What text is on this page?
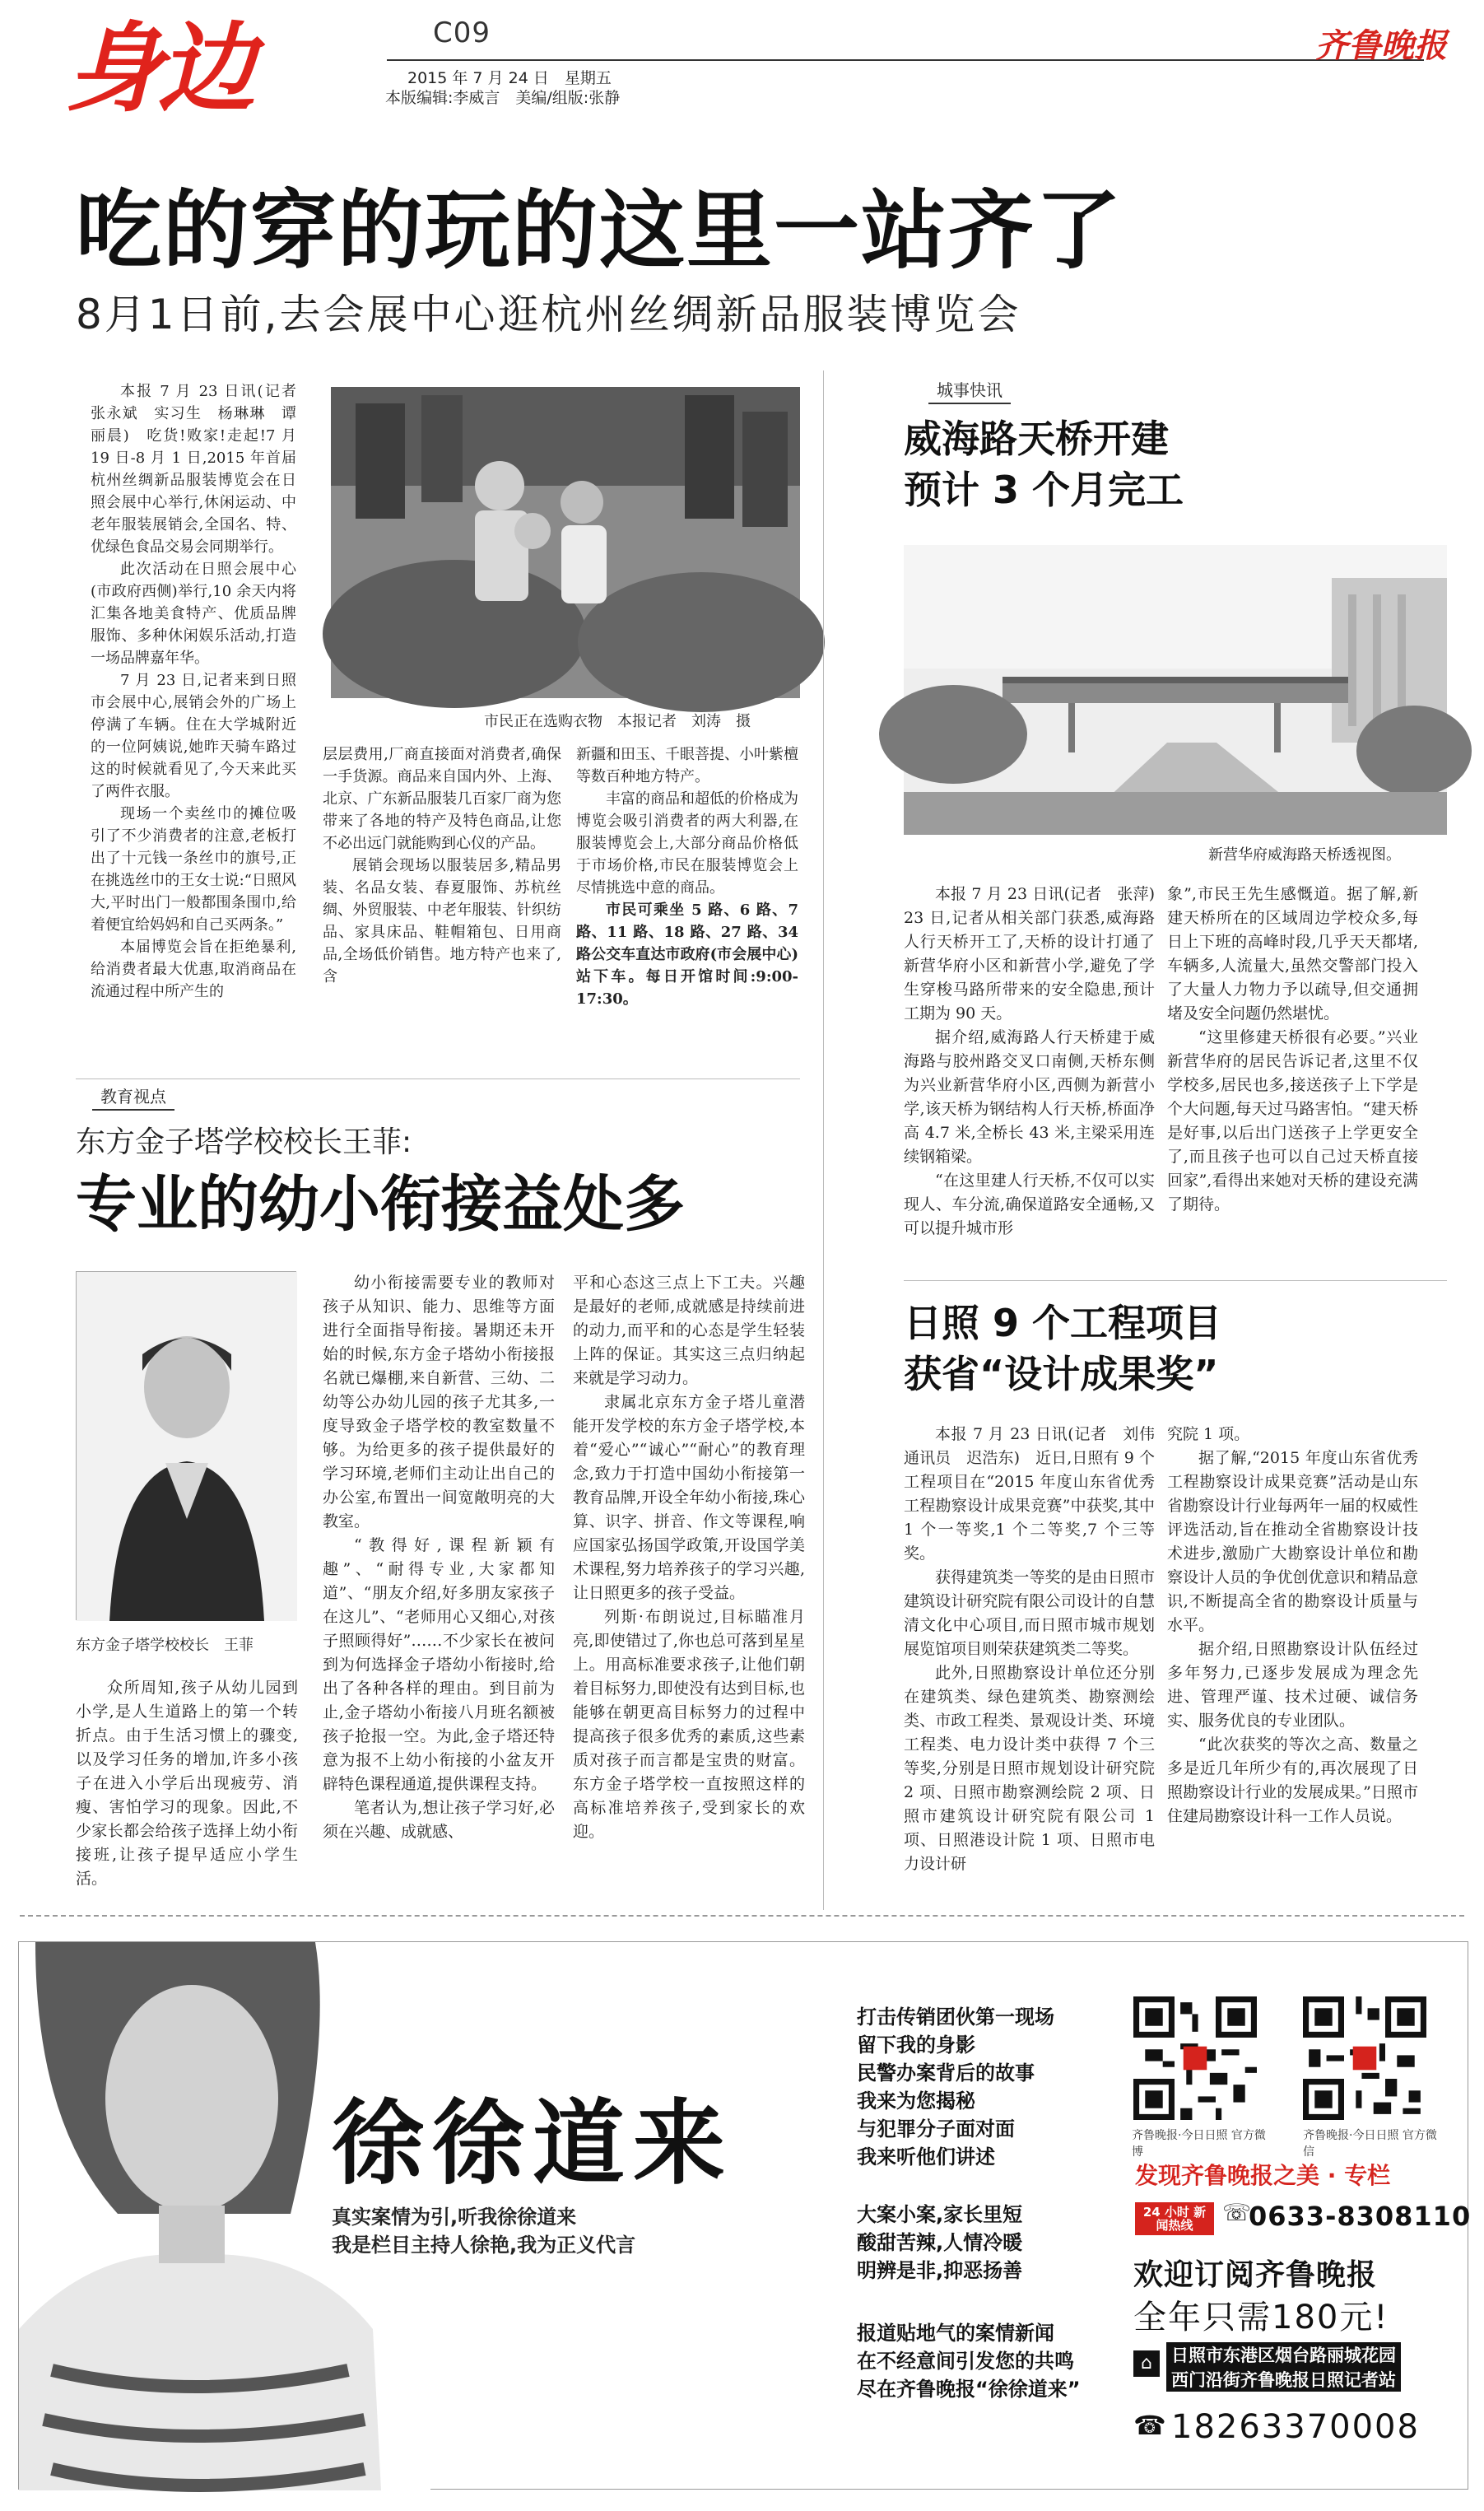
身边	C09
2015 年 7 月 24 日　星期五
本版编辑:李威言　美编/组版:张静
齐鲁晚报
吃的穿的玩的这里一站齐了
8月1日前,去会展中心逛杭州丝绸新品服装博览会

本报 7 月 23 日讯(记者　张永斌　实习生　杨琳琳　谭丽晨)　吃货!败家!走起!7 月 19 日-8 月 1 日,2015 年首届杭州丝绸新品服装博览会在日照会展中心举行,休闲运动、中老年服装展销会,全国名、特、优绿色食品交易会同期举行。

此次活动在日照会展中心(市政府西侧)举行,10 余天内将汇集各地美食特产、优质品牌服饰、多种休闲娱乐活动,打造一场品牌嘉年华。

7 月 23 日,记者来到日照市会展中心,展销会外的广场上停满了车辆。住在大学城附近的一位阿姨说,她昨天骑车路过这的时候就看见了,今天来此买了两件衣服。

现场一个卖丝巾的摊位吸引了不少消费者的注意,老板打出了十元钱一条丝巾的旗号,正在挑选丝巾的王女士说:“日照风大,平时出门一般都围条围巾,给着便宜给妈妈和自己买两条。”

本届博览会旨在拒绝暴利,给消费者最大优惠,取消商品在流通过程中所产生的

市民正在选购衣物　本报记者　刘涛　摄

层层费用,厂商直接面对消费者,确保一手货源。商品来自国内外、上海、北京、广东新品服装几百家厂商为您带来了各地的特产及特色商品,让您不必出远门就能购到心仪的产品。

展销会现场以服装居多,精品男装、名品女装、春夏服饰、苏杭丝绸、外贸服装、中老年服装、针织纺品、家具床品、鞋帽箱包、日用商品,全场低价销售。地方特产也来了,含

新疆和田玉、千眼菩提、小叶紫檀等数百种地方特产。

丰富的商品和超低的价格成为博览会吸引消费者的两大利器,在服装博览会上,大部分商品价格低于市场价格,市民在服装博览会上尽情挑选中意的商品。

市民可乘坐 5 路、6 路、7 路、11 路、18 路、27 路、34 路公交车直达市政府(市会展中心)站下车。每日开馆时间:9:00-17:30。

城事快讯
威海路天桥开建
预计 3 个月完工
新营华府威海路天桥透视图。

本报 7 月 23 日讯(记者　张萍)　23 日,记者从相关部门获悉,威海路人行天桥开工了,天桥的设计打通了新营华府小区和新营小学,避免了学生穿梭马路所带来的安全隐患,预计工期为 90 天。

据介绍,威海路人行天桥建于威海路与胶州路交叉口南侧,天桥东侧为兴业新营华府小区,西侧为新营小学,该天桥为钢结构人行天桥,桥面净高 4.7 米,全桥长 43 米,主梁采用连续钢箱梁。

“在这里建人行天桥,不仅可以实现人、车分流,确保道路安全通畅,又可以提升城市形

象”,市民王先生感慨道。据了解,新建天桥所在的区域周边学校众多,每日上下班的高峰时段,几乎天天都堵,车辆多,人流量大,虽然交警部门投入了大量人力物力予以疏导,但交通拥堵及安全问题仍然堪忧。

“这里修建天桥很有必要。”兴业新营华府的居民告诉记者,这里不仅学校多,居民也多,接送孩子上下学是个大问题,每天过马路害怕。“建天桥是好事,以后出门送孩子上学更安全了,而且孩子也可以自己过天桥直接回家”,看得出来她对天桥的建设充满了期待。

教育视点
东方金子塔学校校长王菲:
专业的幼小衔接益处多
东方金子塔学校校长　王菲

众所周知,孩子从幼儿园到小学,是人生道路上的第一个转折点。由于生活习惯上的骤变,以及学习任务的增加,许多小孩子在进入小学后出现疲劳、消瘦、害怕学习的现象。因此,不少家长都会给孩子选择上幼小衔接班,让孩子提早适应小学生活。

幼小衔接需要专业的教师对孩子从知识、能力、思维等方面进行全面指导衔接。暑期还未开始的时候,东方金子塔幼小衔接报名就已爆棚,来自新营、三幼、二幼等公办幼儿园的孩子尤其多,一度导致金子塔学校的教室数量不够。为给更多的孩子提供最好的学习环境,老师们主动让出自己的办公室,布置出一间宽敞明亮的大教室。

“教得好,课程新颖有趣”、“耐得专业,大家都知道”、“朋友介绍,好多朋友家孩子在这儿”、“老师用心又细心,对孩子照顾得好”……不少家长在被问到为何选择金子塔幼小衔接时,给出了各种各样的理由。到目前为止,金子塔幼小衔接八月班名额被孩子抢报一空。为此,金子塔还特意为报不上幼小衔接的小盆友开辟特色课程通道,提供课程支持。

笔者认为,想让孩子学习好,必须在兴趣、成就感、

平和心态这三点上下工夫。兴趣是最好的老师,成就感是持续前进的动力,而平和的心态是学生轻装上阵的保证。其实这三点归纳起来就是学习动力。

隶属北京东方金子塔儿童潜能开发学校的东方金子塔学校,本着“爱心”“诚心”“耐心”的教育理念,致力于打造中国幼小衔接第一教育品牌,开设全年幼小衔接,珠心算、识字、拼音、作文等课程,响应国家弘扬国学政策,开设国学美术课程,努力培养孩子的学习兴趣,让日照更多的孩子受益。

列斯·布朗说过,目标瞄准月亮,即使错过了,你也总可落到星星上。用高标准要求孩子,让他们朝着目标努力,即使没有达到目标,也能够在朝更高目标努力的过程中提高孩子很多优秀的素质,这些素质对孩子而言都是宝贵的财富。东方金子塔学校一直按照这样的高标准培养孩子,受到家长的欢迎。

日照 9 个工程项目
获省“设计成果奖”

本报 7 月 23 日讯(记者　刘伟　通讯员　迟浩东)　近日,日照有 9 个工程项目在“2015 年度山东省优秀工程勘察设计成果竞赛”中获奖,其中 1 个一等奖,1 个二等奖,7 个三等奖。

获得建筑类一等奖的是由日照市建筑设计研究院有限公司设计的自慧清文化中心项目,而日照市城市规划展览馆项目则荣获建筑类二等奖。

此外,日照勘察设计单位还分别在建筑类、绿色建筑类、勘察测绘类、市政工程类、景观设计类、环境工程类、电力设计类中获得 7 个三等奖,分别是日照市规划设计研究院 2 项、日照市勘察测绘院 2 项、日照市建筑设计研究院有限公司 1 项、日照港设计院 1 项、日照市电力设计研

究院 1 项。

据了解,“2015 年度山东省优秀工程勘察设计成果竞赛”活动是山东省勘察设计行业每两年一届的权威性评选活动,旨在推动全省勘察设计技术进步,激励广大勘察设计单位和勘察设计人员的争优创优意识和精品意识,不断提高全省的勘察设计质量与水平。

据介绍,日照勘察设计队伍经过多年努力,已逐步发展成为理念先进、管理严谨、技术过硬、诚信务实、服务优良的专业团队。

“此次获奖的等次之高、数量之多是近几年所少有的,再次展现了日照勘察设计行业的发展成果。”日照市住建局勘察设计科一工作人员说。

徐徐道来
真实案情为引,听我徐徐道来
我是栏目主持人徐艳,我为正义代言
打击传销团伙第一现场
留下我的身影
民警办案背后的故事
我来为您揭秘
与犯罪分子面对面
我来听他们讲述
大案小案,家长里短
酸甜苦辣,人情冷暖
明辨是非,抑恶扬善
报道贴地气的案情新闻
在不经意间引发您的共鸣
尽在齐鲁晚报“徐徐道来”
齐鲁晚报·今日日照 官方微博
齐鲁晚报·今日日照 官方微信
发现齐鲁晚报之美 · 专栏
24 小时 新闻热线	☏
0633-8308110
欢迎订阅齐鲁晚报
全年只需180元!
⌂	日照市东港区烟台路丽城花园
西门沿街齐鲁晚报日照记者站
☎ 18263370008
